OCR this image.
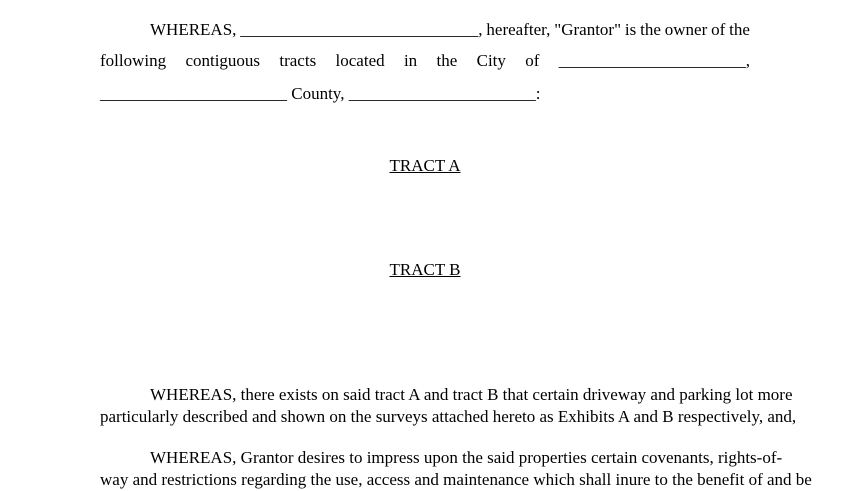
WHEREAS, ____________________________, hereafter, "Grantor" is the owner of the
following contiguous tracts located in the City of ______________________,
______________________ County, ______________________:
TRACT A
TRACT B
WHEREAS, there exists on said tract A and tract B that certain driveway and parking lot more
particularly described and shown on the surveys attached hereto as Exhibits A and B respectively, and,
WHEREAS, Grantor desires to impress upon the said properties certain covenants, rights-of-
way and restrictions regarding the use, access and maintenance which shall inure to the benefit of and be
